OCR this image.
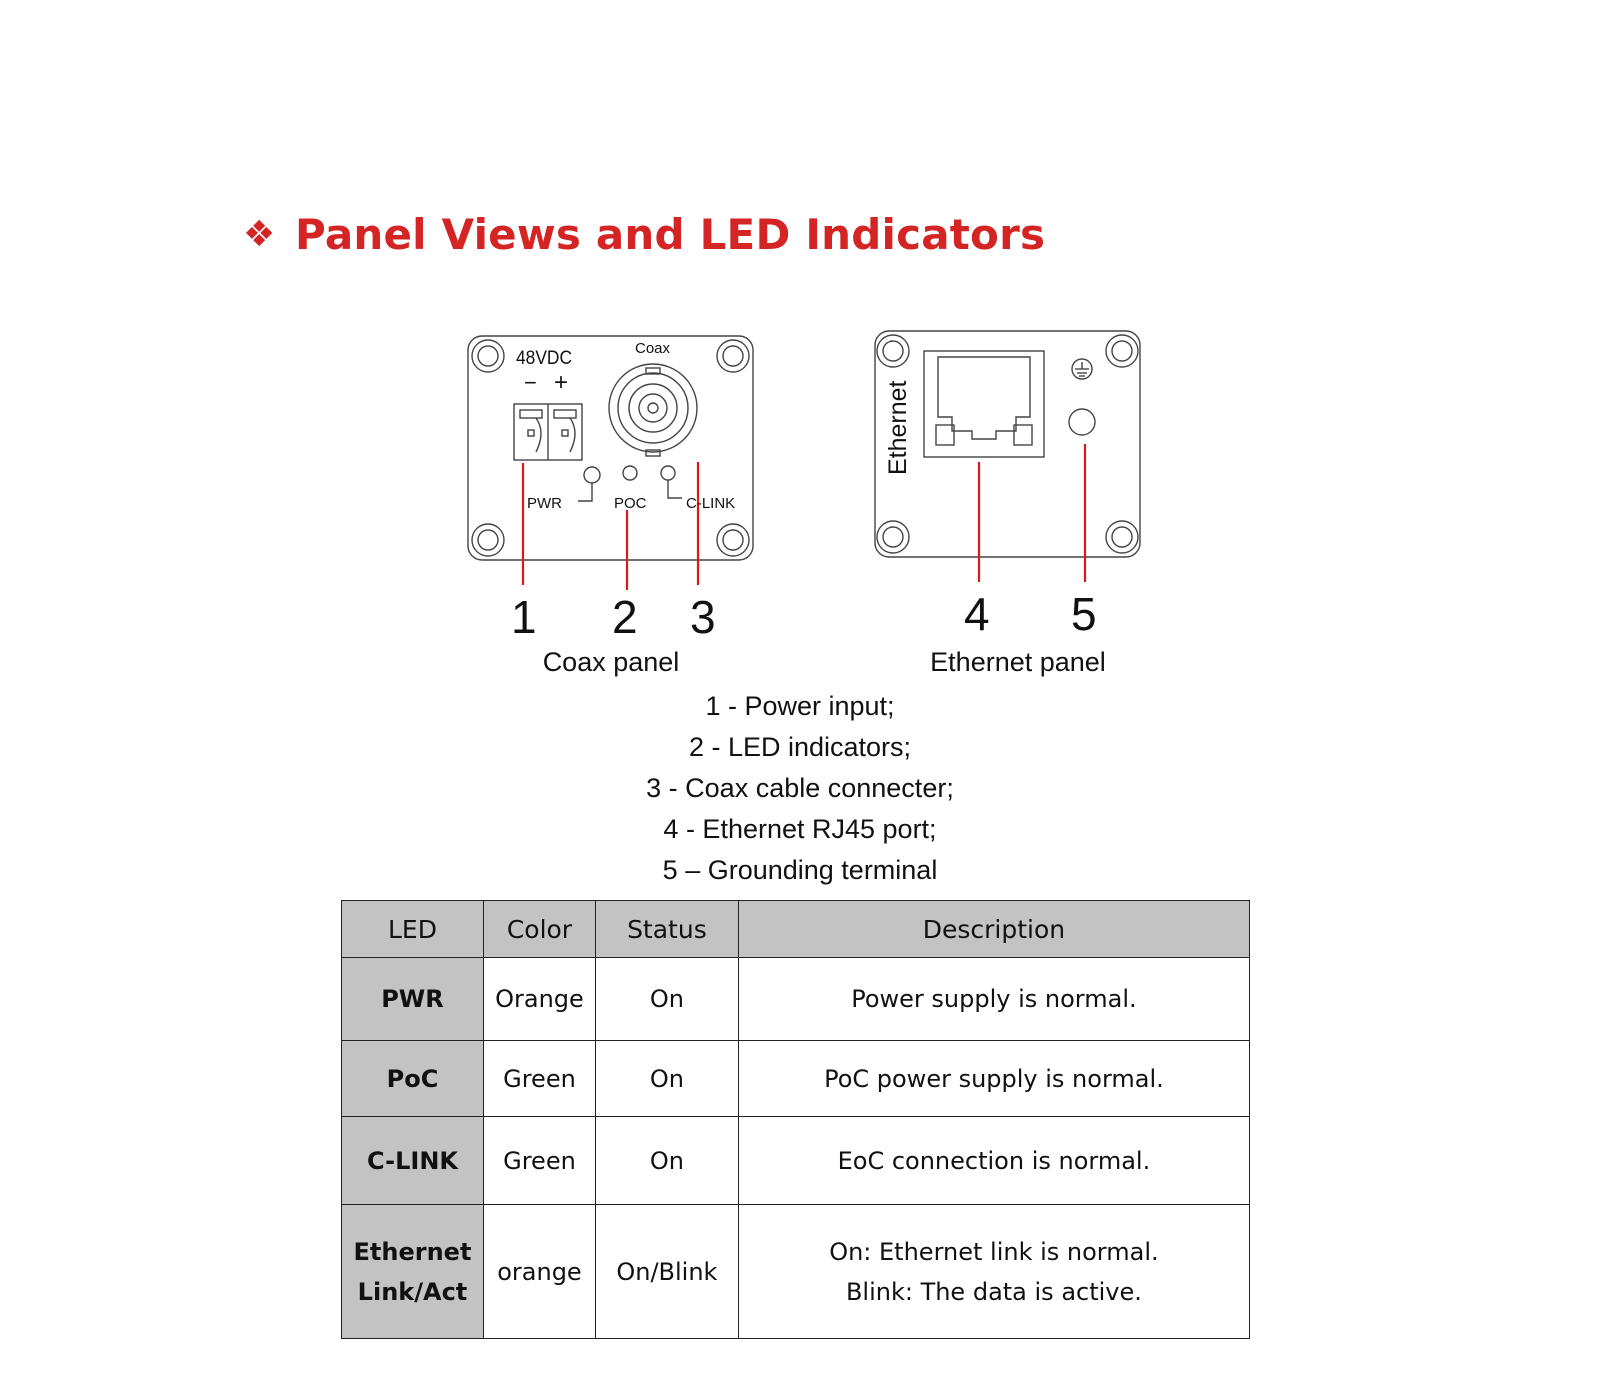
❖ Panel Views and LED Indicators
48VDC
− +
Coax
PWR	POC	C-LINK
Ethernet
1 2 3	4 5
Coax panel	Ethernet panel
1 - Power input;
2 - LED indicators;
3 - Coax cable connecter;
4 - Ethernet RJ45 port;
5 – Grounding terminal
LED	Color	Status	Description
PWR	Orange	On	Power supply is normal.
PoC	Green	On	PoC power supply is normal.
C-LINK	Green	On	EoC connection is normal.

Ethernet
Link/Act	orange	On/Blink	On: Ethernet link is normal.
Blink: The data is active.
